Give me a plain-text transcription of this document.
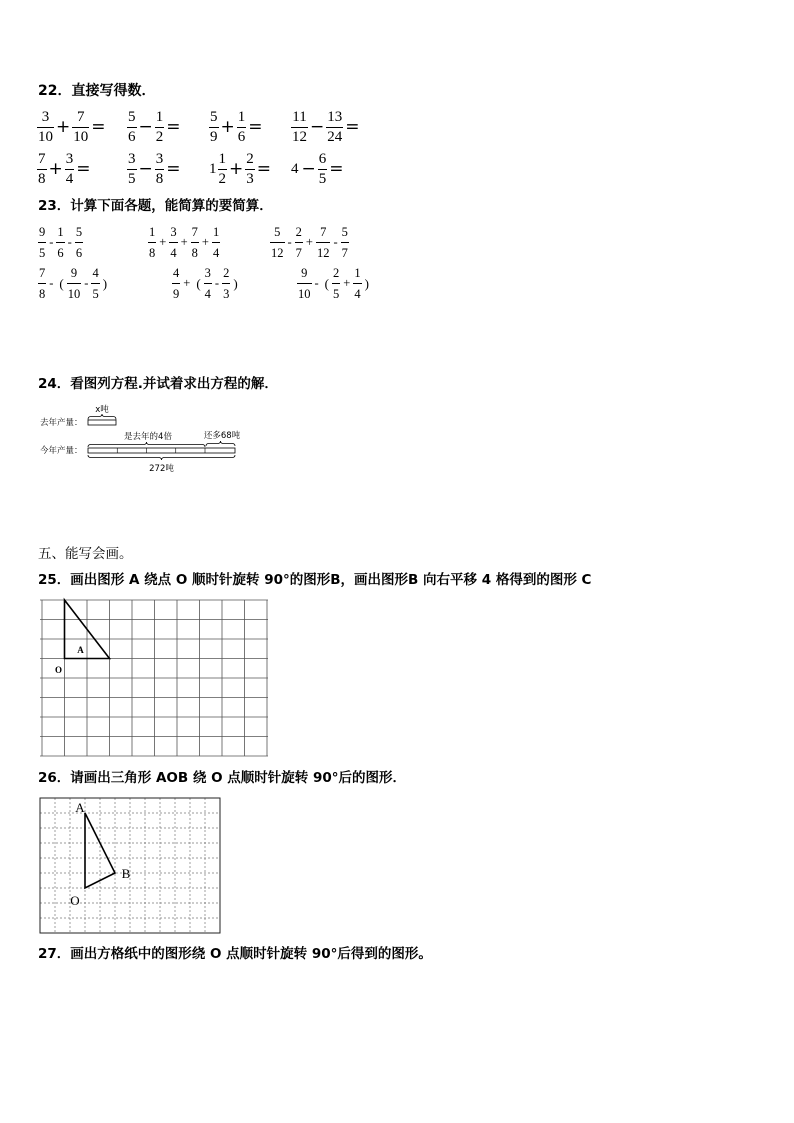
22．直接写得数．
$\frac{3}{10} + \frac{7}{10} = \frac{5}{6} - \frac{1}{2} = \frac{5}{9} + \frac{1}{6} = \frac{11}{12} - \frac{13}{24}$ =
$\frac{7}{8} + \frac{3}{4} = \frac{3}{5} - \frac{3}{8} = 1 \frac{1}{2} + \frac{2}{3} = 4 - \frac{6}{5}$ =
23．计算下面各题，能简算的要简算．
$\frac{9}{5} - \frac{1}{6} - \frac{5}{6}$	$\frac{1}{8} + \frac{3}{4} + \frac{7}{8} + \frac{1}{4}$	$\frac{5}{12} - \frac{2}{7} + \frac{7}{12} - \frac{5}{7}$
$\frac{7}{8}$ - ( $\frac{9}{10} - \frac{4}{5}$ )	$\frac{4}{9}$ + ( $\frac{3}{4} - \frac{2}{3}$ )	$\frac{9}{10}$ - ( $\frac{2}{5} + \frac{1}{4}$ )
24．看图列方程.并试着求出方程的解．
x吨
去年产量：
是去年的4倍	还多68吨
今年产量：
272吨
五、能写会画。
25．画出图形 A 绕点 O 顺时针旋转 90°的图形B，画出图形B 向右平移 4 格得到的图形 C
A
O
26．请画出三角形 AOB 绕 O 点顺时针旋转 90°后的图形．
A
O
B
27．画出方格纸中的图形绕 O 点顺时针旋转 90°后得到的图形。
